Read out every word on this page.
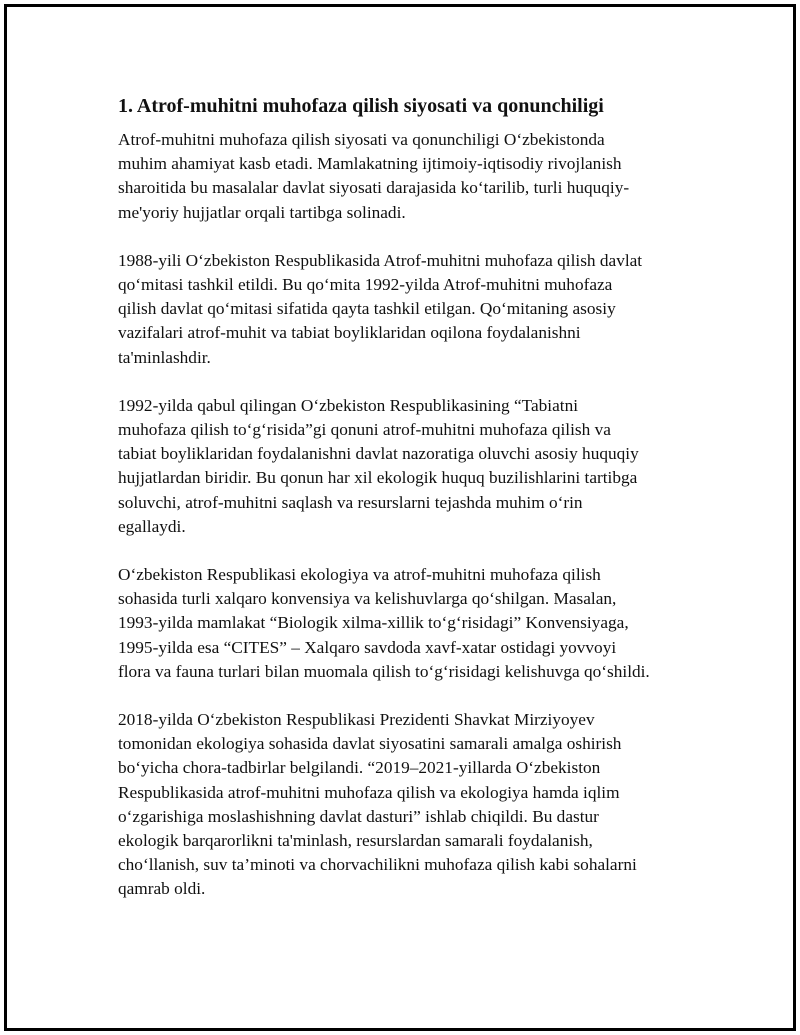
1. Atrof-muhitni muhofaza qilish siyosati va qonunchiligi

Atrof-muhitni muhofaza qilish siyosati va qonunchiligi O‘zbekistonda
muhim ahamiyat kasb etadi. Mamlakatning ijtimoiy-iqtisodiy rivojlanish
sharoitida bu masalalar davlat siyosati darajasida ko‘tarilib, turli huquqiy-
me'yoriy hujjatlar orqali tartibga solinadi.

1988-yili O‘zbekiston Respublikasida Atrof-muhitni muhofaza qilish davlat
qo‘mitasi tashkil etildi. Bu qo‘mita 1992-yilda Atrof-muhitni muhofaza
qilish davlat qo‘mitasi sifatida qayta tashkil etilgan. Qo‘mitaning asosiy
vazifalari atrof-muhit va tabiat boyliklaridan oqilona foydalanishni
ta'minlashdir.

1992-yilda qabul qilingan O‘zbekiston Respublikasining “Tabiatni
muhofaza qilish to‘g‘risida”gi qonuni atrof-muhitni muhofaza qilish va
tabiat boyliklaridan foydalanishni davlat nazoratiga oluvchi asosiy huquqiy
hujjatlardan biridir. Bu qonun har xil ekologik huquq buzilishlarini tartibga
soluvchi, atrof-muhitni saqlash va resurslarni tejashda muhim o‘rin
egallaydi.

O‘zbekiston Respublikasi ekologiya va atrof-muhitni muhofaza qilish
sohasida turli xalqaro konvensiya va kelishuvlarga qo‘shilgan. Masalan,
1993-yilda mamlakat “Biologik xilma-xillik to‘g‘risidagi” Konvensiyaga,
1995-yilda esa “CITES” – Xalqaro savdoda xavf-xatar ostidagi yovvoyi
flora va fauna turlari bilan muomala qilish to‘g‘risidagi kelishuvga qo‘shildi.

2018-yilda O‘zbekiston Respublikasi Prezidenti Shavkat Mirziyoyev
tomonidan ekologiya sohasida davlat siyosatini samarali amalga oshirish
bo‘yicha chora-tadbirlar belgilandi. “2019–2021-yillarda O‘zbekiston
Respublikasida atrof-muhitni muhofaza qilish va ekologiya hamda iqlim
o‘zgarishiga moslashishning davlat dasturi” ishlab chiqildi. Bu dastur
ekologik barqarorlikni ta'minlash, resurslardan samarali foydalanish,
cho‘llanish, suv ta’minoti va chorvachilikni muhofaza qilish kabi sohalarni
qamrab oldi.
